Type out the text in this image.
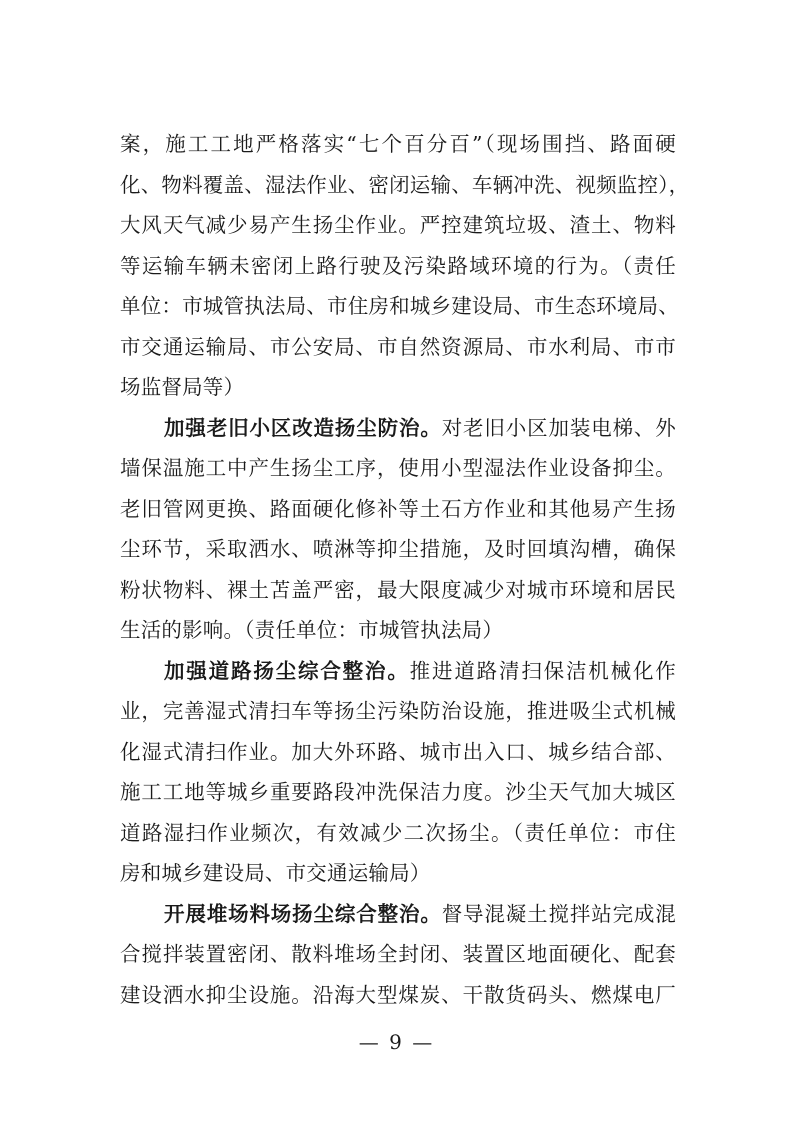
案，施工工地严格落实“七个百分百”（现场围挡、路面硬
化、物料覆盖、湿法作业、密闭运输、车辆冲洗、视频监控），
大风天气减少易产生扬尘作业。严控建筑垃圾、渣土、物料
等运输车辆未密闭上路行驶及污染路域环境的行为。（责任
单位：市城管执法局、市住房和城乡建设局、市生态环境局、
市交通运输局、市公安局、市自然资源局、市水利局、市市
场监督局等）
加强老旧小区改造扬尘防治。对老旧小区加装电梯、外
墙保温施工中产生扬尘工序，使用小型湿法作业设备抑尘。
老旧管网更换、路面硬化修补等土石方作业和其他易产生扬
尘环节，采取洒水、喷淋等抑尘措施，及时回填沟槽，确保
粉状物料、裸土苫盖严密，最大限度减少对城市环境和居民
生活的影响。（责任单位：市城管执法局）
加强道路扬尘综合整治。推进道路清扫保洁机械化作
业，完善湿式清扫车等扬尘污染防治设施，推进吸尘式机械
化湿式清扫作业。加大外环路、城市出入口、城乡结合部、
施工工地等城乡重要路段冲洗保洁力度。沙尘天气加大城区
道路湿扫作业频次，有效减少二次扬尘。（责任单位：市住
房和城乡建设局、市交通运输局）
开展堆场料场扬尘综合整治。督导混凝土搅拌站完成混
合搅拌装置密闭、散料堆场全封闭、装置区地面硬化、配套
建设洒水抑尘设施。沿海大型煤炭、干散货码头、燃煤电厂
— 9 —
